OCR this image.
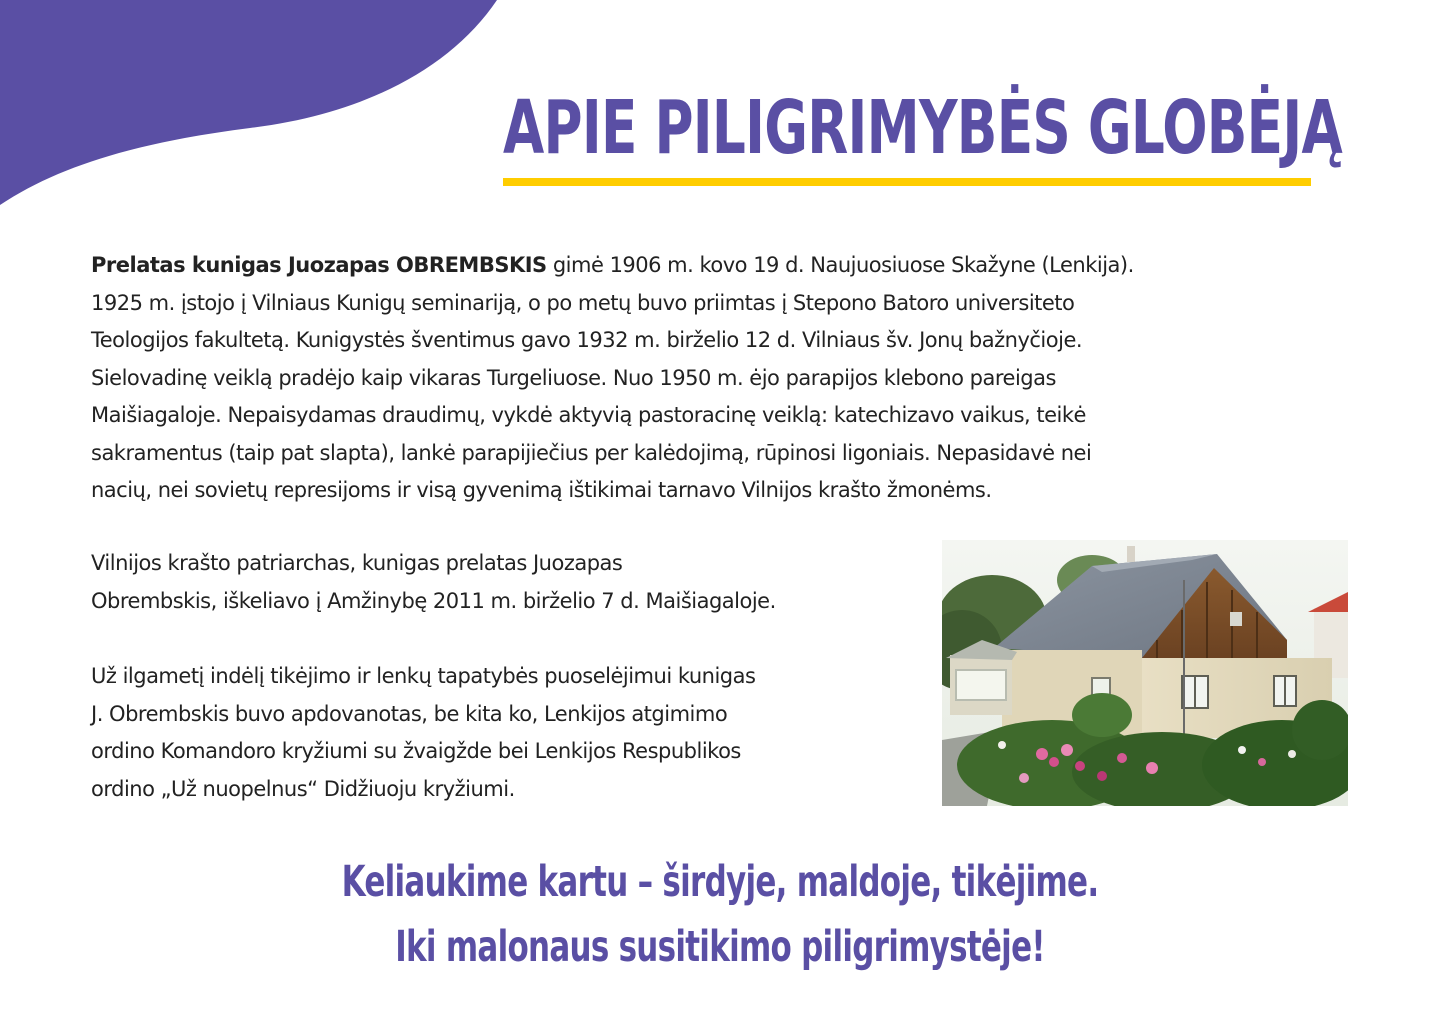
APIE PILIGRIMYBĖS GLOBĖJĄ

Prelatas kunigas Juozapas OBREMBSKIS gimė 1906 m. kovo 19 d. Naujuosiuose Skažyne (Lenkija).
1925 m. įstojo į Vilniaus Kunigų seminariją, o po metų buvo priimtas į Stepono Batoro universiteto
Teologijos fakultetą. Kunigystės šventimus gavo 1932 m. birželio 12 d. Vilniaus šv. Jonų bažnyčioje.
Sielovadinę veiklą pradėjo kaip vikaras Turgeliuose. Nuo 1950 m. ėjo parapijos klebono pareigas
Maišiagaloje. Nepaisydamas draudimų, vykdė aktyvią pastoracinę veiklą: katechizavo vaikus, teikė
sakramentus (taip pat slapta), lankė parapijiečius per kalėdojimą, rūpinosi ligoniais. Nepasidavė nei
nacių, nei sovietų represijoms ir visą gyvenimą ištikimai tarnavo Vilnijos krašto žmonėms.

Vilnijos krašto patriarchas, kunigas prelatas Juozapas
Obrembskis, iškeliavo į Amžinybę 2011 m. birželio 7 d. Maišiagaloje.

Už ilgametį indėlį tikėjimo ir lenkų tapatybės puoselėjimui kunigas
J. Obrembskis buvo apdovanotas, be kita ko, Lenkijos atgimimo
ordino Komandoro kryžiumi su žvaigžde bei Lenkijos Respublikos
ordino „Už nuopelnus“ Didžiuoju kryžiumi.

Keliaukime kartu – širdyje, maldoje, tikėjime.
Iki malonaus susitikimo piligrimystėje!
